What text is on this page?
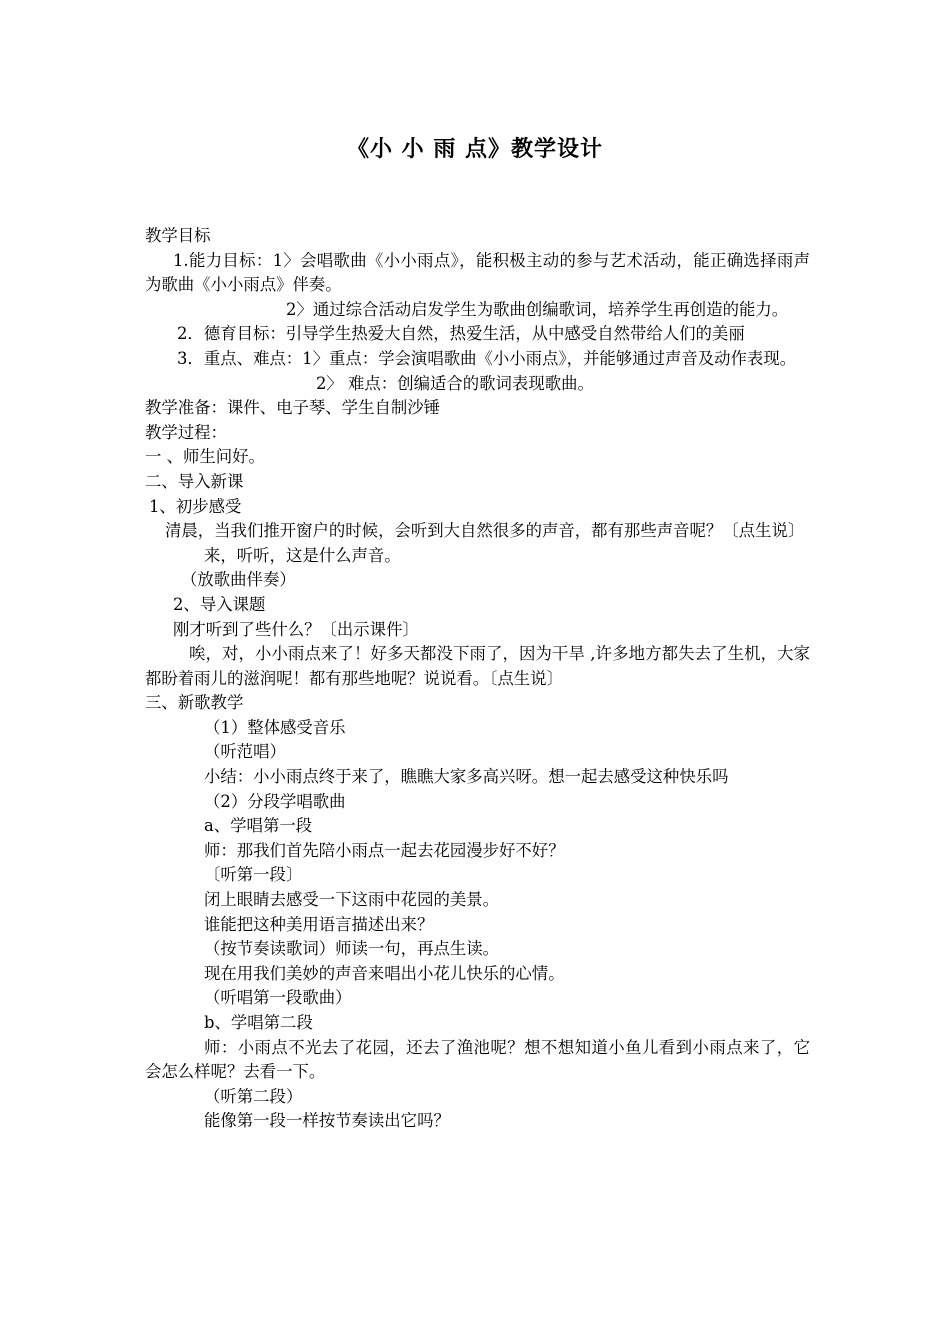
《小 小 雨 点》教学设计

教学目标

1.能力目标：1〉会唱歌曲《小小雨点》，能积极主动的参与艺术活动，能正确选择雨声为歌曲《小小雨点》伴奏。

2〉通过综合活动启发学生为歌曲创编歌词，培养学生再创造的能力。

2．德育目标：引导学生热爱大自然，热爱生活，从中感受自然带给人们的美丽

3．重点、难点：1〉重点：学会演唱歌曲《小小雨点》，并能够通过声音及动作表现。

2〉 难点：创编适合的歌词表现歌曲。

教学准备：课件、电子琴、学生自制沙锤

教学过程：

一 、师生问好。

二、导入新课

1、初步感受

清晨，当我们推开窗户的时候，会听到大自然很多的声音，都有那些声音呢？〔点生说〕

来，听听，这是什么声音。

（放歌曲伴奏）

2、导入课题

刚才听到了些什么？〔出示课件〕

唉，对，小小雨点来了！好多天都没下雨了，因为干旱 ,许多地方都失去了生机，大家都盼着雨儿的滋润呢！都有那些地呢？说说看。〔点生说〕

三、新歌教学

（1）整体感受音乐

（听范唱）

小结：小小雨点终于来了，瞧瞧大家多高兴呀。想一起去感受这种快乐吗

（2）分段学唱歌曲

a、学唱第一段

师：那我们首先陪小雨点一起去花园漫步好不好？

〔听第一段〕

闭上眼睛去感受一下这雨中花园的美景。

谁能把这种美用语言描述出来？

（按节奏读歌词）师读一句，再点生读。

现在用我们美妙的声音来唱出小花儿快乐的心情。

（听唱第一段歌曲）

b、学唱第二段

师：小雨点不光去了花园，还去了渔池呢？想不想知道小鱼儿看到小雨点来了，它会怎么样呢？去看一下。

（听第二段）

能像第一段一样按节奏读出它吗？
